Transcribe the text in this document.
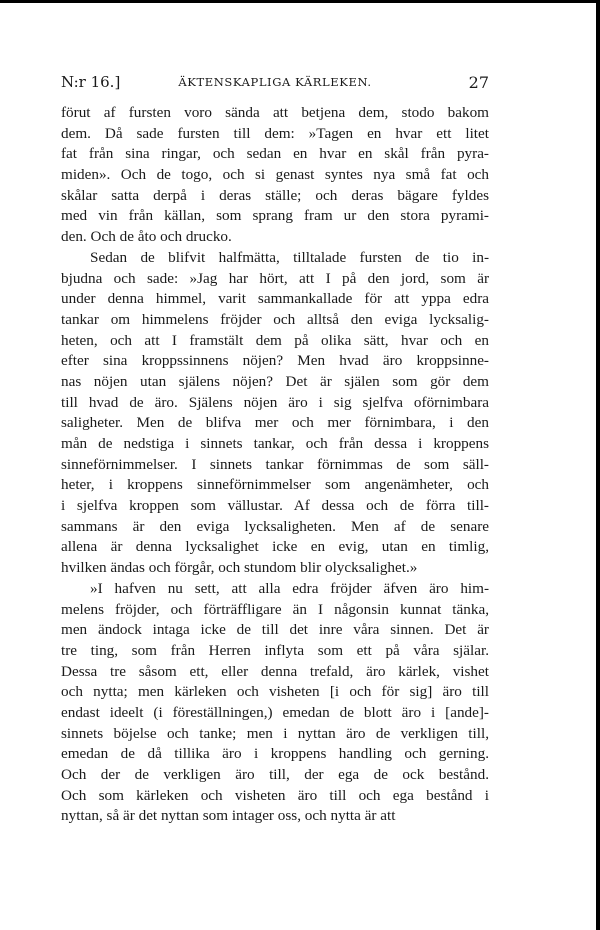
N:r 16.]	ÄKTENSKAPLIGA KÄRLEKEN.	27
förut af fursten voro sända att betjena dem, stodo bakom
dem. Då sade fursten till dem: »Tagen en hvar ett litet
fat från sina ringar, och sedan en hvar en skål från pyra-
miden». Och de togo, och si genast syntes nya små fat och
skålar satta derpå i deras ställe; och deras bägare fyldes
med vin från källan, som sprang fram ur den stora pyrami-
den. Och de åto och drucko.
Sedan de blifvit halfmätta, tilltalade fursten de tio in-
bjudna och sade: »Jag har hört, att I på den jord, som är
under denna himmel, varit sammankallade för att yppa edra
tankar om himmelens fröjder och alltså den eviga lycksalig-
heten, och att I framstält dem på olika sätt, hvar och en
efter sina kroppssinnens nöjen? Men hvad äro kroppsinne-
nas nöjen utan själens nöjen? Det är själen som gör dem
till hvad de äro. Själens nöjen äro i sig sjelfva oförnimbara
saligheter. Men de blifva mer och mer förnimbara, i den
mån de nedstiga i sinnets tankar, och från dessa i kroppens
sinneförnimmelser. I sinnets tankar förnimmas de som säll-
heter, i kroppens sinneförnimmelser som angenämheter, och
i sjelfva kroppen som vällustar. Af dessa och de förra till-
sammans är den eviga lycksaligheten. Men af de senare
allena är denna lycksalighet icke en evig, utan en timlig,
hvilken ändas och förgår, och stundom blir olycksalighet.»
»I hafven nu sett, att alla edra fröjder äfven äro him-
melens fröjder, och förträffligare än I någonsin kunnat tänka,
men ändock intaga icke de till det inre våra sinnen. Det är
tre ting, som från Herren inflyta som ett på våra själar.
Dessa tre såsom ett, eller denna trefald, äro kärlek, vishet
och nytta; men kärleken och visheten [i och för sig] äro till
endast ideelt (i föreställningen,) emedan de blott äro i [ande]-
sinnets böjelse och tanke; men i nyttan äro de verkligen till,
emedan de då tillika äro i kroppens handling och gerning.
Och der de verkligen äro till, der ega de ock bestånd.
Och som kärleken och visheten äro till och ega bestånd i
nyttan, så är det nyttan som intager oss, och nytta är att
